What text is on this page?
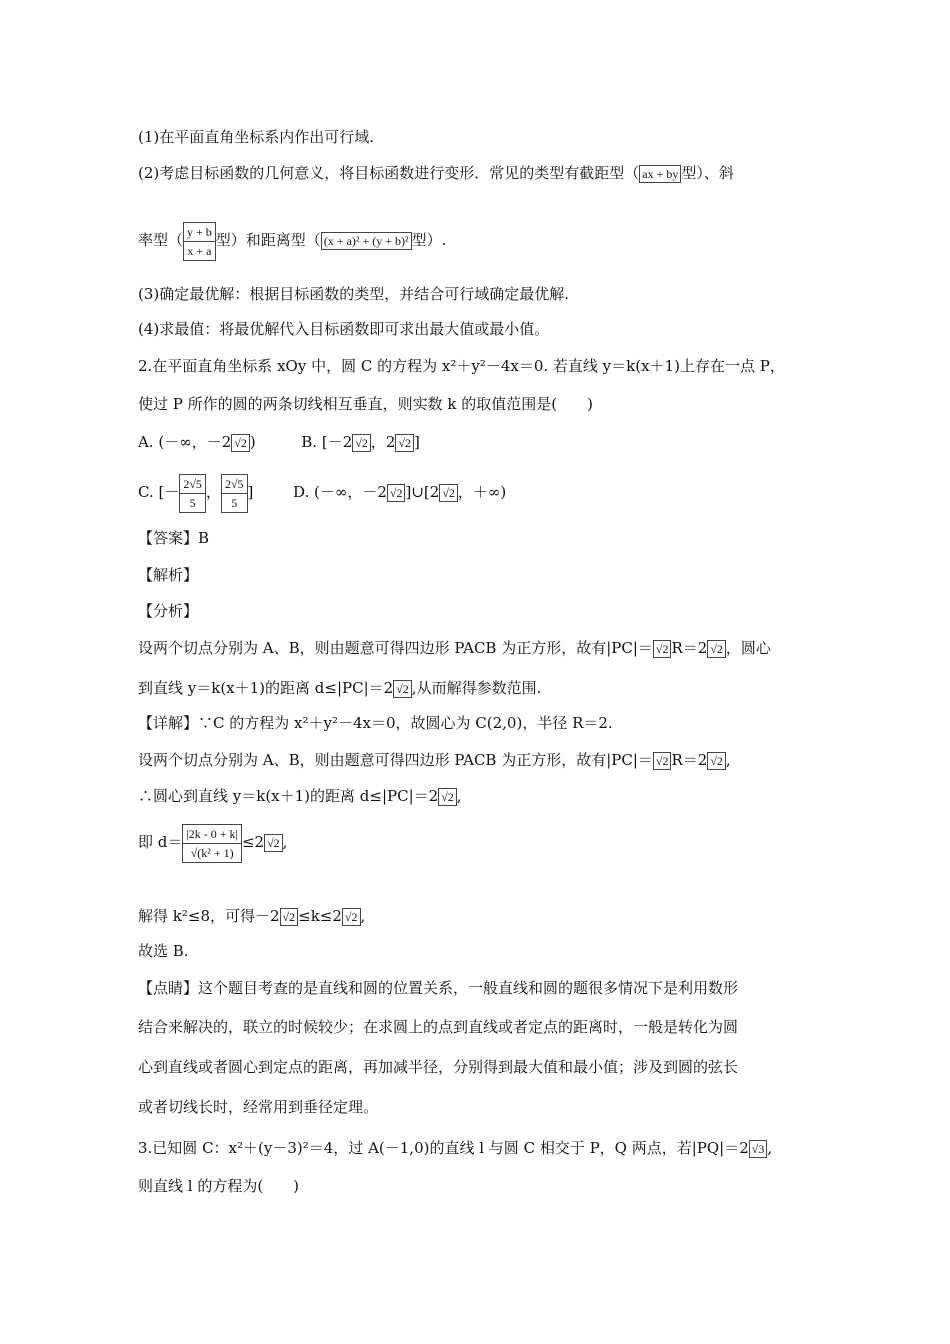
(1)在平面直角坐标系内作出可行域.
(2)考虑目标函数的几何意义，将目标函数进行变形．常见的类型有截距型（ ax + by 型）、斜
率型（ $\frac{y + b}{x + a}$ 型）和距离型（ (x + a)² + (y + b)² 型）.
(3)确定最优解：根据目标函数的类型，并结合可行域确定最优解.
(4)求最值：将最优解代入目标函数即可求出最大值或最小值。
2.在平面直角坐标系 xOy 中，圆 C 的方程为 x²＋y²－4x＝0. 若直线 y＝k(x＋1)上存在一点 P，
使过 P 所作的圆的两条切线相互垂直，则实数 k 的取值范围是(　　)
A. (－∞，－2 √2 )	B. [－2 √2 ，2 √2 ]
C. [－ $\frac{2√5}{5}$ ， $\frac{2√5}{5}$ ]	D. (－∞，－2 √2 ]∪[2 √2 ，＋∞)
【答案】B
【解析】
【分析】
设两个切点分别为 A、B，则由题意可得四边形 PACB 为正方形，故有|PC|＝ √2 R＝2 √2 ，圆心
到直线 y＝k(x＋1)的距离 d≤|PC|＝2 √2 ,从而解得参数范围.
【详解】∵C 的方程为 x²＋y²－4x＝0，故圆心为 C(2,0)，半径 R＝2.
设两个切点分别为 A、B，则由题意可得四边形 PACB 为正方形，故有|PC|＝ √2 R＝2 √2 ,
∴圆心到直线 y＝k(x＋1)的距离 d≤|PC|＝2 √2 ,
即 $d= \frac{|2k - 0 + k|}{\text{√(k² + 1)}} \le 2$ √2 ,
解得 k²≤8，可得－2 √2 ≤k≤2 √2 ,
故选 B.
【点睛】这个题目考查的是直线和圆的位置关系，一般直线和圆的题很多情况下是利用数形
结合来解决的，联立的时候较少；在求圆上的点到直线或者定点的距离时，一般是转化为圆
心到直线或者圆心到定点的距离，再加减半径，分别得到最大值和最小值；涉及到圆的弦长
或者切线长时，经常用到垂径定理。
3.已知圆 C：x²＋(y－3)²＝4，过 A(－1,0)的直线 l 与圆 C 相交于 P，Q 两点，若|PQ|＝2 √3 ,
则直线 l 的方程为(　　)
